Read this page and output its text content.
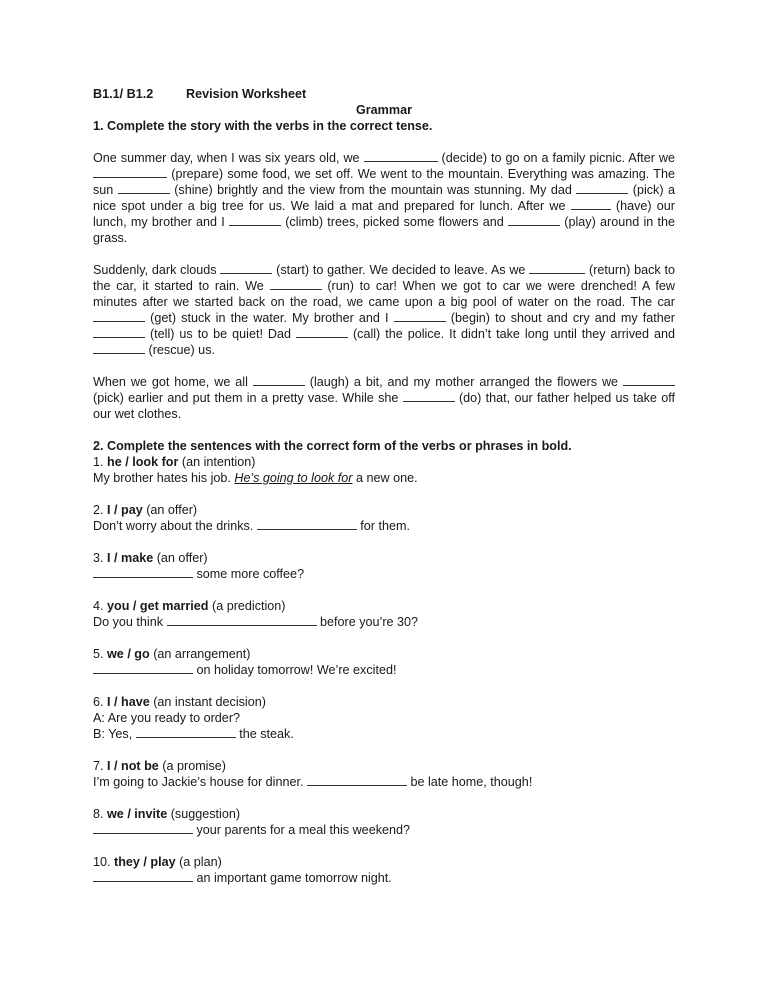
B1.1/ B1.2	Revision Worksheet
Grammar
1. Complete the story with the verbs in the correct tense.

One summer day, when I was six years old, we	(decide) to go on a family picnic. After we  (prepare) some food, we set off. We went to the mountain. Everything was amazing. The sun	(shine) brightly and the view from the mountain was stunning. My dad	(pick) a nice spot under a big tree for us. We laid a mat and prepared for lunch. After we	(have) our lunch, my brother and I	(climb) trees, picked some flowers and	(play) around in the grass.

Suddenly, dark clouds	(start) to gather. We decided to leave. As we	(return) back to the car, it started to rain. We	(run) to car! When we got to car we were drenched! A few minutes after we started back on the road, we came upon a big pool of water on the road. The car  (get) stuck in the water. My brother and I	(begin) to shout and cry and my father  (tell) us to be quiet! Dad	(call) the police. It didn’t take long until they arrived and (rescue) us.

When we got home, we all	(laugh) a bit, and my mother arranged the flowers we  (pick) earlier and put them in a pretty vase. While she	(do) that, our father helped us take off our wet clothes.

2. Complete the sentences with the correct form of the verbs or phrases in bold.
1. he / look for (an intention)
My brother hates his job. He’s going to look for a new one.
2. I / pay (an offer)
Don’t worry about the drinks.	for them.
3. I / make (an offer)
some more coffee?
4. you / get married (a prediction)
Do you think	before you’re 30?
5. we / go (an arrangement)
on holiday tomorrow! We’re excited!
6. I / have (an instant decision)
A: Are you ready to order?
B: Yes,	the steak.
7. I / not be (a promise)
I’m going to Jackie’s house for dinner.	be late home, though!
8. we / invite (suggestion)
your parents for a meal this weekend?
10. they / play (a plan)
an important game tomorrow night.
